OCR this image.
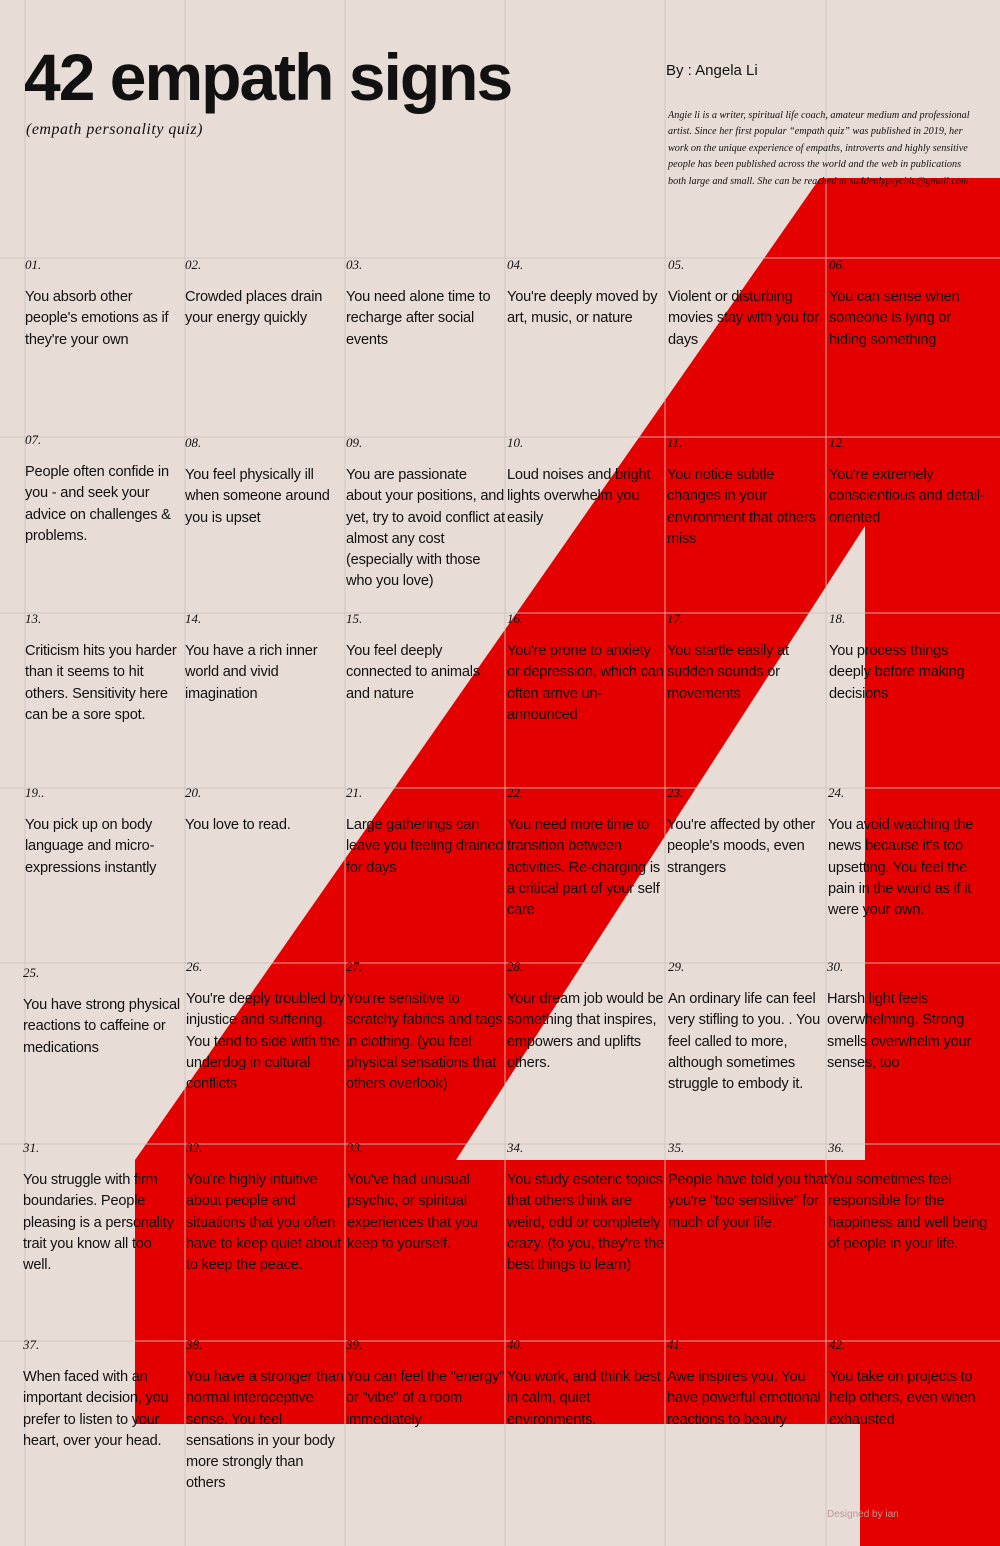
42 empath signs
(empath personality quiz)
By : Angela Li

Angie li is a writer, spiritual life coach, amateur medium and professional artist. Since her first popular “empath quiz” was published in 2019, her work on the unique experience of empaths, introverts and highly sensitive people has been published across the world and the web in publications both large and small. She can be reached at suddenlypsychic@gmail.com

01.
You absorb other people's emotions as if they're your own
02.
Crowded places drain your energy quickly
03.
You need alone time to recharge after social events
04.
You're deeply moved by art, music, or nature
05.
Violent or disturbing movies stay with you for days
06.
You can sense when someone is lying or hiding something
07.
People often confide in you - and seek your advice on challenges & problems.
08.
You feel physically ill when someone around you is upset
09.
You are passionate about your positions, and yet, try to avoid conflict at almost any cost (especially with those who you love)
10.
Loud noises and bright lights overwhelm you easily
11.
You notice subtle changes in your environment that others miss
12.
You're extremely conscientious and detail-oriented
13.
Criticism hits you harder than it seems to hit others. Sensitivity here can be a sore spot.
14.
You have a rich inner world and vivid imagination
15.
You feel deeply connected to animals and nature
16.
You're prone to anxiety or depression, which can often arrive un-announced
17.
You startle easily at sudden sounds or movements
18.
You process things deeply before making decisions
19..
You pick up on body language and micro-expressions instantly
20.
You love to read.
21.
Large gatherings can leave you feeling drained for days
22.
You need more time to transition between activities. Re-charging is a critical part of your self care
23.
You're affected by other people's moods, even strangers
24.
You avoid watching the news because it's too upsetting. You feel the pain in the world as if it were your own.
25.
You have strong physical reactions to caffeine or medications
26.
You're deeply troubled by injustice and suffering. You tend to side with the underdog in cultural conflicts
27.
You're sensitive to scratchy fabrics and tags in clothing. (you feel physical sensations that others overlook)
28.
Your dream job would be something that inspires, empowers and uplifts others.
29.
An ordinary life can feel very stifling to you. . You feel called to more, although sometimes struggle to embody it.
30.
Harsh light feels overwhelming. Strong smells overwhelm your senses, too
31.
You struggle with firm boundaries. People pleasing is a personality trait you know all too well.
32.
You're highly intuitive about people and situations that you often have to keep quiet about to keep the peace.
33.
You've had unusual psychic, or spiritual experiences that you keep to yourself.
34.
You study esoteric topics that others think are weird, odd or completely crazy. (to you, they're the best things to learn)
35.
People have told you that you're "too sensitive" for much of your life.
36.
You sometimes feel responsible for the happiness and well being of people in your life.
37.
When faced with an important decision, you prefer to listen to your heart, over your head.
38.
You have a stronger than normal interoceptive sense. You feel sensations in your body more strongly than others
39.
You can feel the "energy" or "vibe" of a room immediately
40.
You work, and think best in calm, quiet environments.
41.
Awe inspires you. You have powerful emotional reactions to beauty
42.
You take on projects to help others, even when exhausted
Designed by ian
